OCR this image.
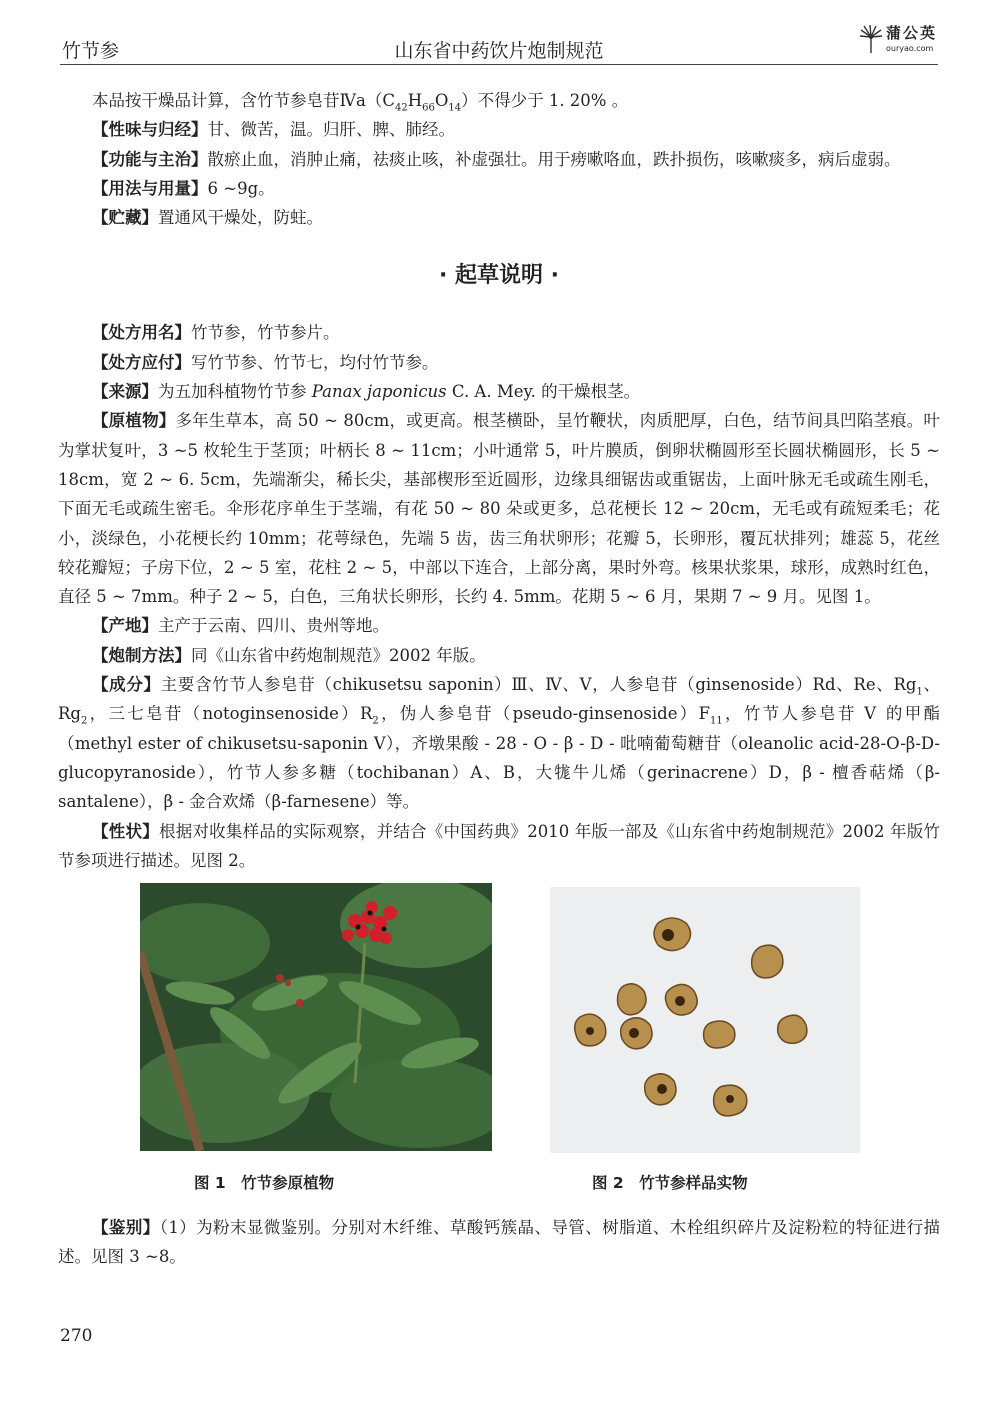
竹节参	山东省中药饮片炮制规范
蒲公英
ouryao.com

本品按干燥品计算，含竹节参皂苷$Ⅳa(C_{42}H_{66}O_{14})$不得少于 1. 20% 。

【性味与归经】甘、微苦，温。归肝、脾、肺经。

【功能与主治】散瘀止血，消肿止痛，祛痰止咳，补虚强壮。用于痨嗽咯血，跌扑损伤，咳嗽痰多，病后虚弱。

【用法与用量】6 ~9g。

【贮藏】置通风干燥处，防蛀。

· 起草说明 ·

【处方用名】竹节参，竹节参片。

【处方应付】写竹节参、竹节七，均付竹节参。

【来源】为五加科植物竹节参 Panax japonicus C. A. Mey. 的干燥根茎。

【原植物】多年生草本，高 50 ~ 80cm，或更高。根茎横卧，呈竹鞭状，肉质肥厚，白色，结节间具凹陷茎痕。叶为掌状复叶，3 ~5 枚轮生于茎顶；叶柄长 8 ~ 11cm；小叶通常 5，叶片膜质，倒卵状椭圆形至长圆状椭圆形，长 5 ~ 18cm，宽 2 ~ 6. 5cm，先端渐尖，稀长尖，基部楔形至近圆形，边缘具细锯齿或重锯齿，上面叶脉无毛或疏生刚毛，下面无毛或疏生密毛。伞形花序单生于茎端，有花 50 ~ 80 朵或更多，总花梗长 12 ~ 20cm，无毛或有疏短柔毛；花小，淡绿色，小花梗长约 10mm；花萼绿色，先端 5 齿，齿三角状卵形；花瓣 5，长卵形，覆瓦状排列；雄蕊 5，花丝较花瓣短；子房下位，2 ~ 5 室，花柱 2 ~ 5，中部以下连合，上部分离，果时外弯。核果状浆果，球形，成熟时红色，直径 5 ~ 7mm。种子 2 ~ 5，白色，三角状长卵形，长约 4. 5mm。花期 5 ~ 6 月，果期 7 ~ 9 月。见图 1。

【产地】主产于云南、四川、贵州等地。

【炮制方法】同《山东省中药炮制规范》2002 年版。

【成分】主要含竹节人参皂苷（chikusetsu saponin）Ⅲ、Ⅳ、Ⅴ，人参皂苷（ginsenoside）Rd、Re、$Rg_1$、$Rg_2$，三七皂苷$(notoginsenoside)R_2$，伪人参皂苷$(pseudo-ginsenoside)F_{11}$，竹节人参皂苷 Ⅴ 的甲酯（methyl ester of chikusetsu-saponin Ⅴ），齐墩果酸 - 28 - O - β - D - 吡喃葡萄糖苷（oleanolic acid-28-O-β-D-glucopyranoside），竹节人参多糖（tochibanan）A、B，大牻牛儿烯（gerinacrene）D，β - 檀香萜烯（β-santalene），β - 金合欢烯（β-farnesene）等。

【性状】根据对收集样品的实际观察，并结合《中国药典》2010 年版一部及《山东省中药炮制规范》2002 年版竹节参项进行描述。见图 2。

图 1　竹节参原植物	图 2　竹节参样品实物

【鉴别】（1）为粉末显微鉴别。分别对木纤维、草酸钙簇晶、导管、树脂道、木栓组织碎片及淀粉粒的特征进行描述。见图 3 ~8。

270
